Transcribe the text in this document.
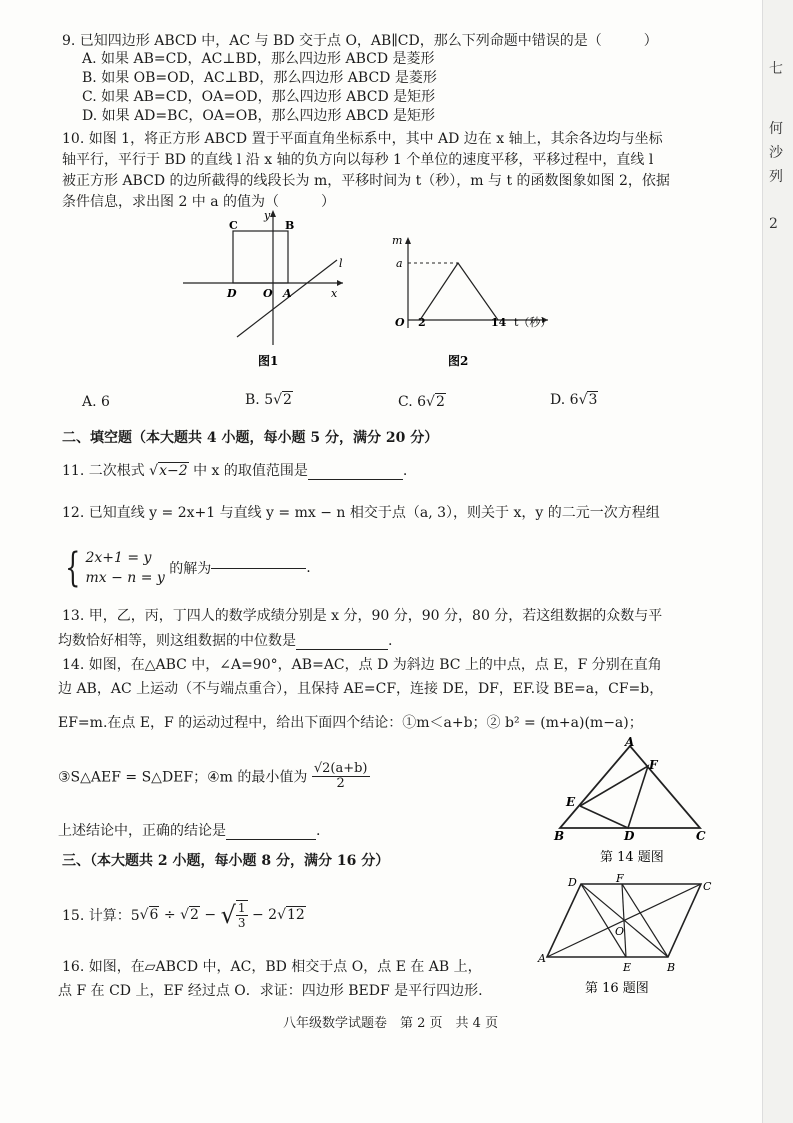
七
何
沙
列
2
9. 已知四边形 ABCD 中，AC 与 BD 交于点 O，AB∥CD，那么下列命题中错误的是（　　　）
A. 如果 AB=CD，AC⊥BD，那么四边形 ABCD 是菱形
B. 如果 OB=OD，AC⊥BD，那么四边形 ABCD 是菱形
C. 如果 AB=CD，OA=OD，那么四边形 ABCD 是矩形
D. 如果 AD=BC，OA=OB，那么四边形 ABCD 是矩形
10. 如图 1，将正方形 ABCD 置于平面直角坐标系中，其中 AD 边在 x 轴上，其余各边均与坐标
轴平行，平行于 BD 的直线 l 沿 x 轴的负方向以每秒 1 个单位的速度平移，平移过程中，直线 l
被正方形 ABCD 的边所截得的线段长为 m，平移时间为 t（秒），m 与 t 的函数图象如图 2，依据
条件信息，求出图 2 中 a 的值为（　　　）
C	B
y
D O A	x
l
图1
m
a
O 2	14 t（秒）
图2
A. 6	B. 5√2	C. 6√2	D. 6√3
二、填空题（本大题共 4 小题，每小题 5 分，满分 20 分）
11. 二次根式 √x−2 中 x 的取值范围是	.
12. 已知直线 y = 2x+1 与直线 y = mx − n 相交于点（a, 3），则关于 x，y 的二元一次方程组
{ 2x+1 = y
mx − n = y
的解为	.
13. 甲，乙，丙，丁四人的数学成绩分别是 x 分，90 分，90 分，80 分，若这组数据的众数与平
均数恰好相等，则这组数据的中位数是	.
14. 如图，在△ABC 中，∠A=90°，AB=AC，点 D 为斜边 BC 上的中点，点 E，F 分别在直角
边 AB，AC 上运动（不与端点重合），且保持 AE=CF，连接 DE，DF，EF.设 BE=a，CF=b，
EF=m.在点 E，F 的运动过程中，给出下面四个结论：①m＜a+b；② b² = (m+a)(m−a)；
③S△AEF = S△DEF；④m 的最小值为 $\frac{√2(a+b)}{2}$
上述结论中，正确的结论是	.
A
F
E
B	D	C
第 14 题图
三、（本大题共 2 小题，每小题 8 分，满分 16 分）
15. 计算：5√6 ÷ √2 − √ $\frac{1}{3} - 2√12$
D	F
C
O
A
E	B
第 16 题图
16. 如图，在▱ABCD 中，AC，BD 相交于点 O，点 E 在 AB 上，
点 F 在 CD 上，EF 经过点 O．求证：四边形 BEDF 是平行四边形.
八年级数学试题卷　第 2 页　共 4 页
